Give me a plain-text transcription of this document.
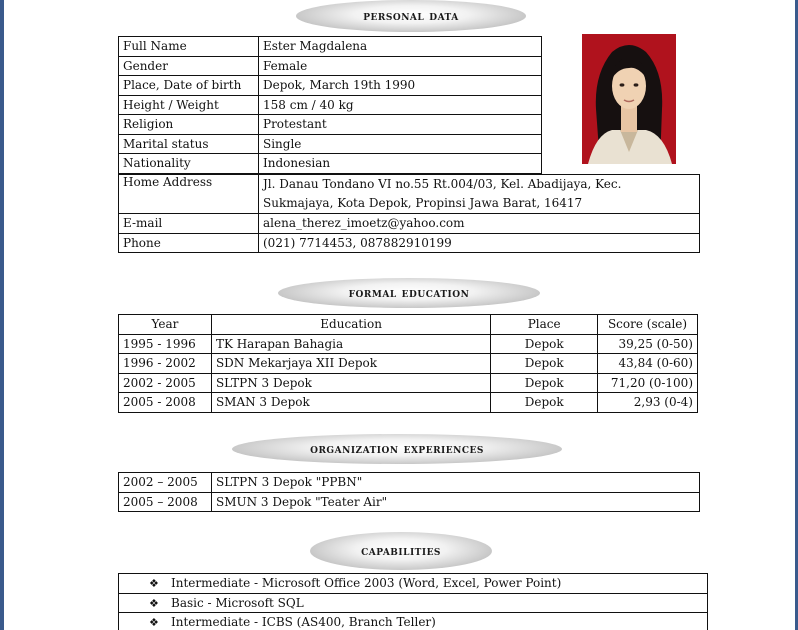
personal data
Full Name	Ester Magdalena
Gender	Female
Place, Date of birth	Depok, March 19th 1990
Height / Weight	158 cm / 40 kg
Religion	Protestant
Marital status	Single
Nationality	Indonesian
Home Address	Jl. Danau Tondano VI no.55 Rt.004/03, Kel. Abadijaya, Kec.
Sukmajaya, Kota Depok, Propinsi Jawa Barat, 16417

E-mail	alena_therez_imoetz@yahoo.com
Phone	(021) 7714453, 087882910199
formal education
Year	Education	Place	Score (scale)
1995 - 1996	TK Harapan Bahagia	Depok	39,25 (0-50)
1996 - 2002	SDN Mekarjaya XII Depok	Depok	43,84 (0-60)
2002 - 2005	SLTPN 3 Depok	Depok	71,20 (0-100)
2005 - 2008	SMAN 3 Depok	Depok	2,93 (0-4)
organization experiences
2002 – 2005	SLTPN 3 Depok "PPBN"
2005 – 2008	SMUN 3 Depok "Teater Air"
capabilities
❖ Intermediate - Microsoft Office 2003 (Word, Excel, Power Point)
❖ Basic - Microsoft SQL
❖ Intermediate - ICBS (AS400, Branch Teller)
